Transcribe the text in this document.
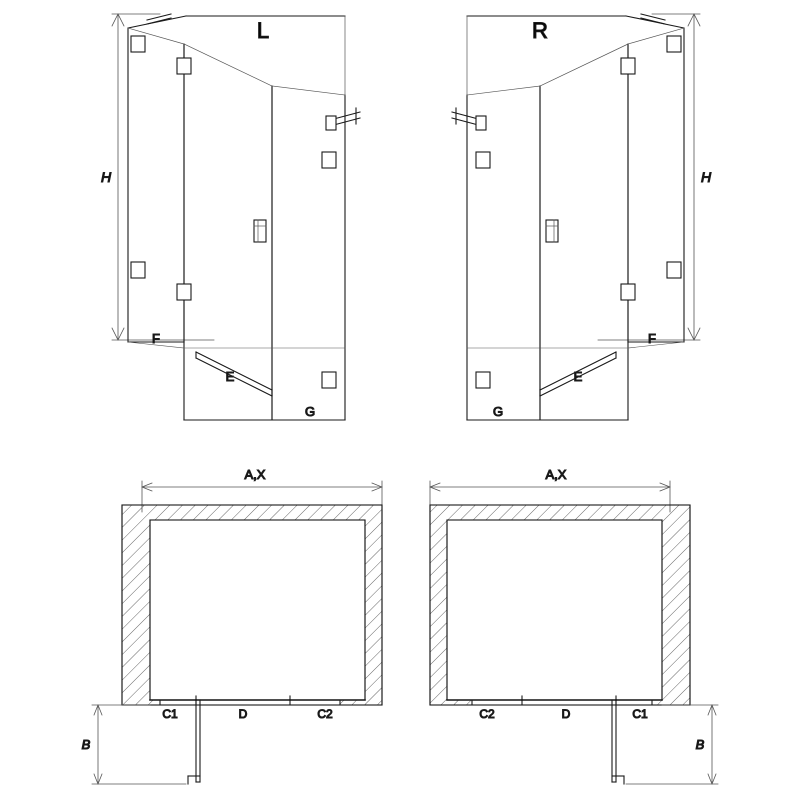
L
H
F
E
G
R
H
F
E
G
A,X
B
C1	D	C2
A,X
B
C2	D	C1
